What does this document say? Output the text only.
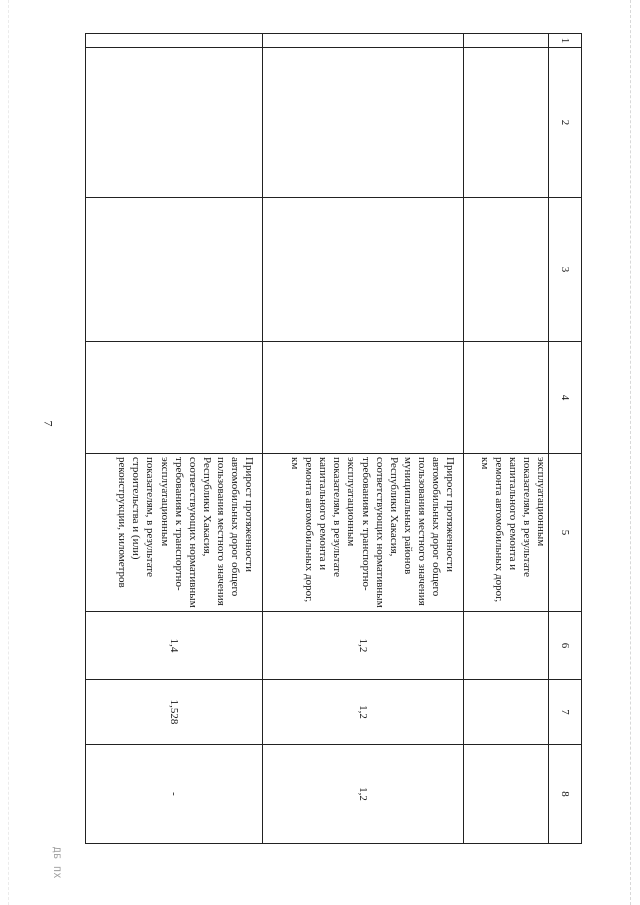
7
ДБ ПХ
1	2	3	4	5	6	7	8
				эксплуатационным показателям, в результате капитального ремонта и ремонта автомобильных дорог, км			
				Прирост протяженности автомобильных дорог общего пользования местного значения муниципальных районов Республики Хакасия, соответствующих нормативным требованиям к транспортно-эксплуатационным показателям, в результате капитального ремонта и ремонта автомобильных дорог, км	1,2	1,2	1,2
				Прирост протяженности автомобильных дорог общего пользования местного значения Республики Хакасия, соответствующих нормативным требованиям к транспортно-эксплуатационным показателям, в результате строительства и (или) реконструкции, километров	1,4	1,528	-
